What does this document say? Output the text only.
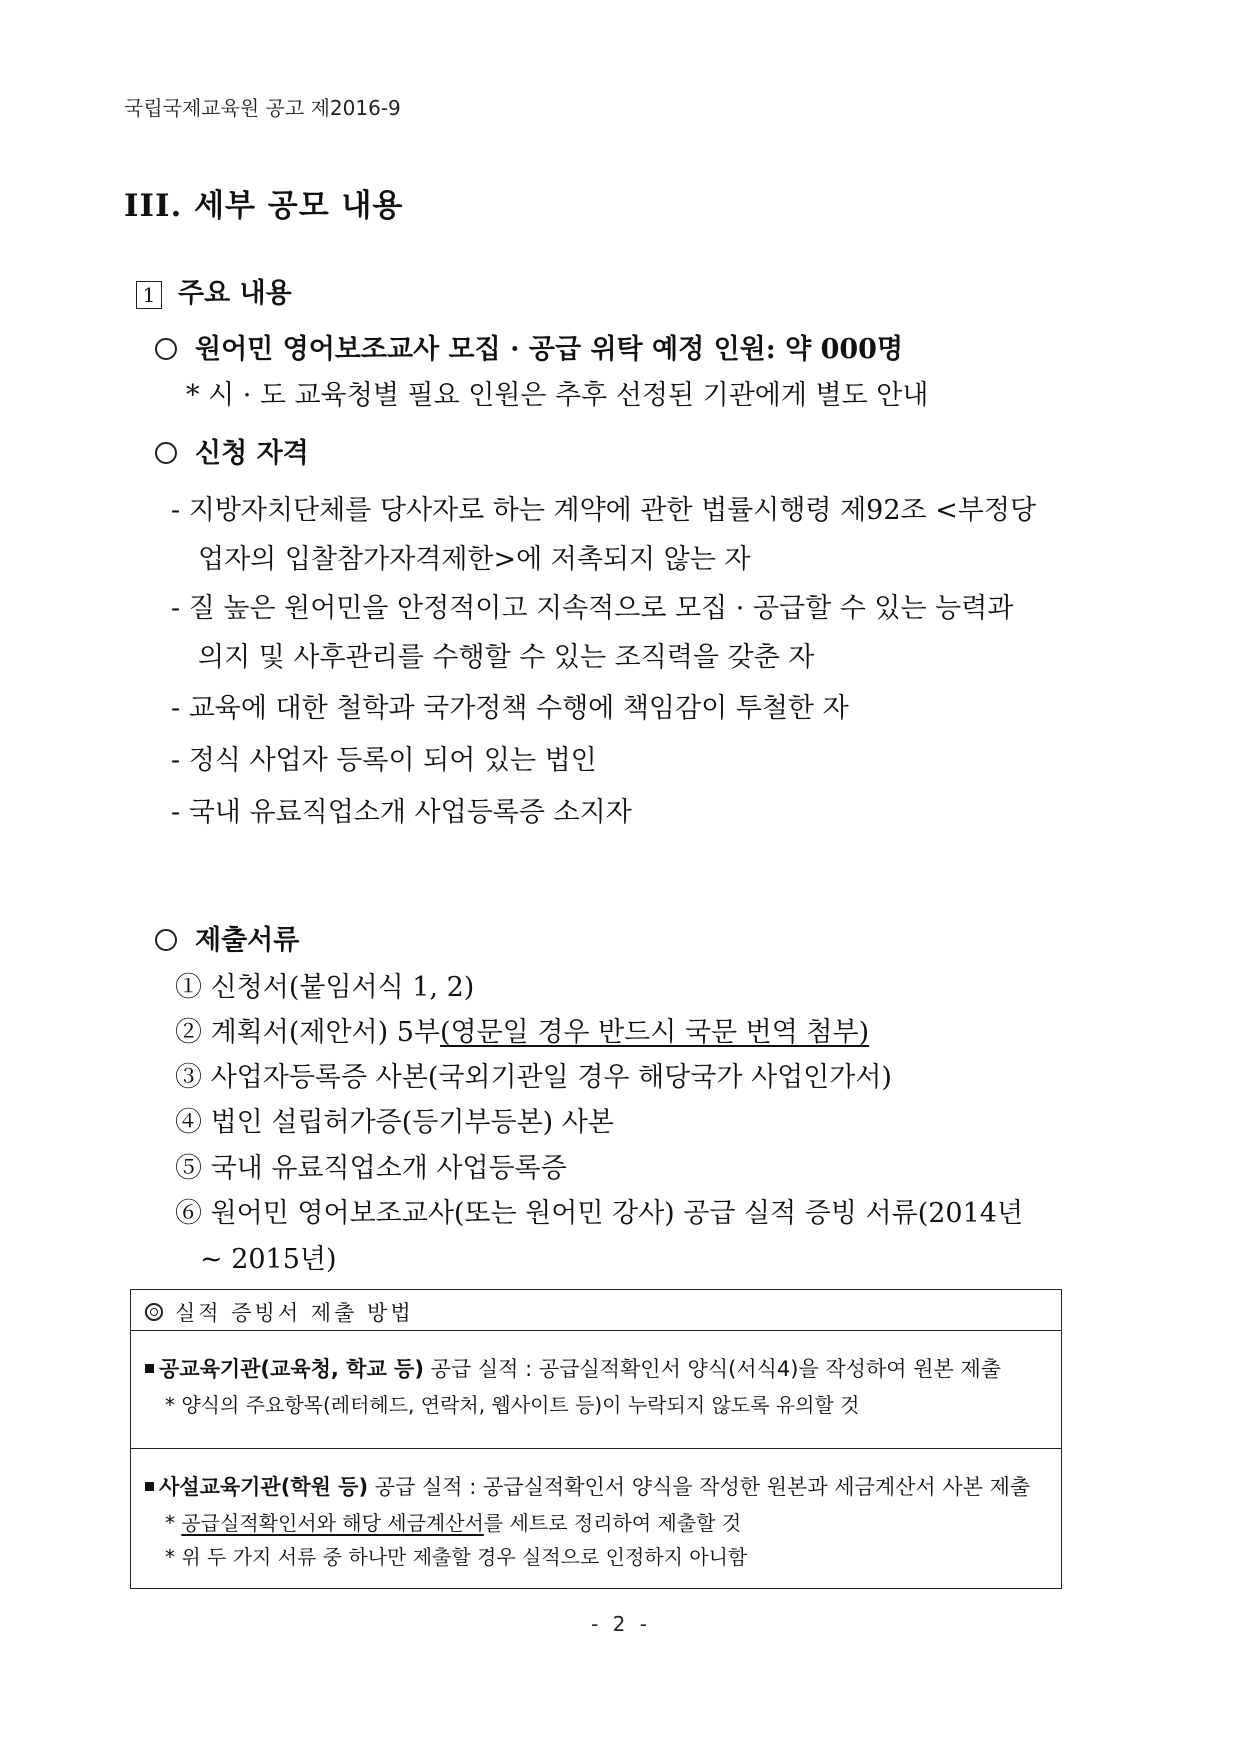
국립국제교육원 공고 제2016-9
III. 세부 공모 내용
1 주요 내용
원어민 영어보조교사 모집 · 공급 위탁 예정 인원: 약 000명
* 시 · 도 교육청별 필요 인원은 추후 선정된 기관에게 별도 안내
신청 자격
- 지방자치단체를 당사자로 하는 계약에 관한 법률시행령 제92조 <부정당
업자의 입찰참가자격제한>에 저촉되지 않는 자
- 질 높은 원어민을 안정적이고 지속적으로 모집 · 공급할 수 있는 능력과
의지 및 사후관리를 수행할 수 있는 조직력을 갖춘 자
- 교육에 대한 철학과 국가정책 수행에 책임감이 투철한 자
- 정식 사업자 등록이 되어 있는 법인
- 국내 유료직업소개 사업등록증 소지자
제출서류
① 신청서(붙임서식 1, 2)
② 계획서(제안서) 5부(영문일 경우 반드시 국문 번역 첨부)
③ 사업자등록증 사본(국외기관일 경우 해당국가 사업인가서)
④ 법인 설립허가증(등기부등본) 사본
⑤ 국내 유료직업소개 사업등록증
⑥ 원어민 영어보조교사(또는 원어민 강사) 공급 실적 증빙 서류(2014년
~ 2015년)
실적 증빙서 제출 방법
공교육기관(교육청, 학교 등) 공급 실적 : 공급실적확인서 양식(서식4)을 작성하여 원본 제출
* 양식의 주요항목(레터헤드, 연락처, 웹사이트 등)이 누락되지 않도록 유의할 것
사설교육기관(학원 등) 공급 실적 : 공급실적확인서 양식을 작성한 원본과 세금계산서 사본 제출
* 공급실적확인서와 해당 세금계산서를 세트로 정리하여 제출할 것
* 위 두 가지 서류 중 하나만 제출할 경우 실적으로 인정하지 아니함
- 2 -
